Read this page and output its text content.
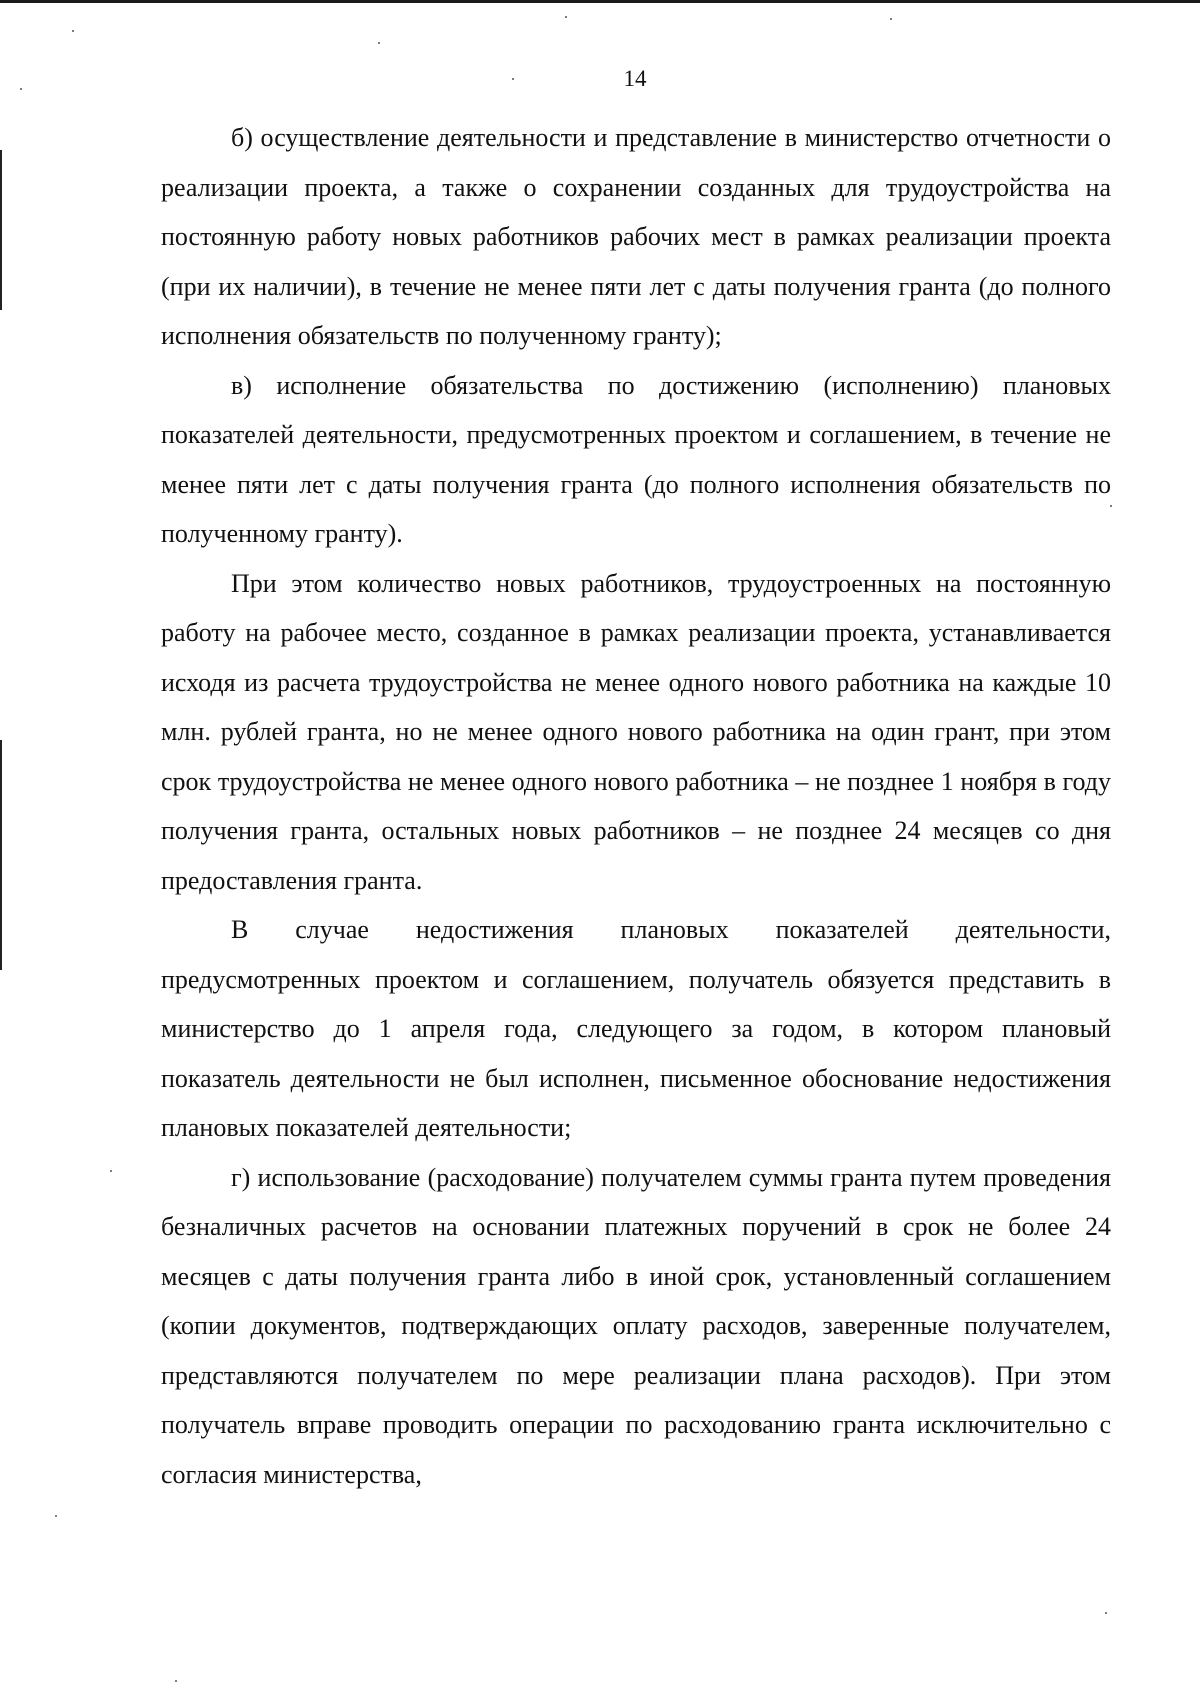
14

б) осуществление деятельности и представление в министерство отчетности о реализации проекта, а также о сохранении созданных для трудоустройства на постоянную работу новых работников рабочих мест в рамках реализации проекта (при их наличии), в течение не менее пяти лет с даты получения гранта (до полного исполнения обязательств по полученному гранту);

в) исполнение обязательства по достижению (исполнению) плановых показателей деятельности, предусмотренных проектом и соглашением, в течение не менее пяти лет с даты получения гранта (до полного исполнения обязательств по полученному гранту).

При этом количество новых работников, трудоустроенных на постоянную работу на рабочее место, созданное в рамках реализации проекта, устанавливается исходя из расчета трудоустройства не менее одного нового работника на каждые 10 млн. рублей гранта, но не менее одного нового работника на один грант, при этом срок трудоустройства не менее одного нового работника – не позднее 1 ноября в году получения гранта, остальных новых работников – не позднее 24 месяцев со дня предоставления гранта.

В случае недостижения плановых показателей деятельности, предусмотренных проектом и соглашением, получатель обязуется представить в министерство до 1 апреля года, следующего за годом, в котором плановый показатель деятельности не был исполнен, письменное обоснование недостижения плановых показателей деятельности;

г) использование (расходование) получателем суммы гранта путем проведения безналичных расчетов на основании платежных поручений в срок не более 24 месяцев с даты получения гранта либо в иной срок, установленный соглашением (копии документов, подтверждающих оплату расходов, заверенные получателем, представляются получателем по мере реализации плана расходов). При этом получатель вправе проводить операции по расходованию гранта исключительно с согласия министерства,
